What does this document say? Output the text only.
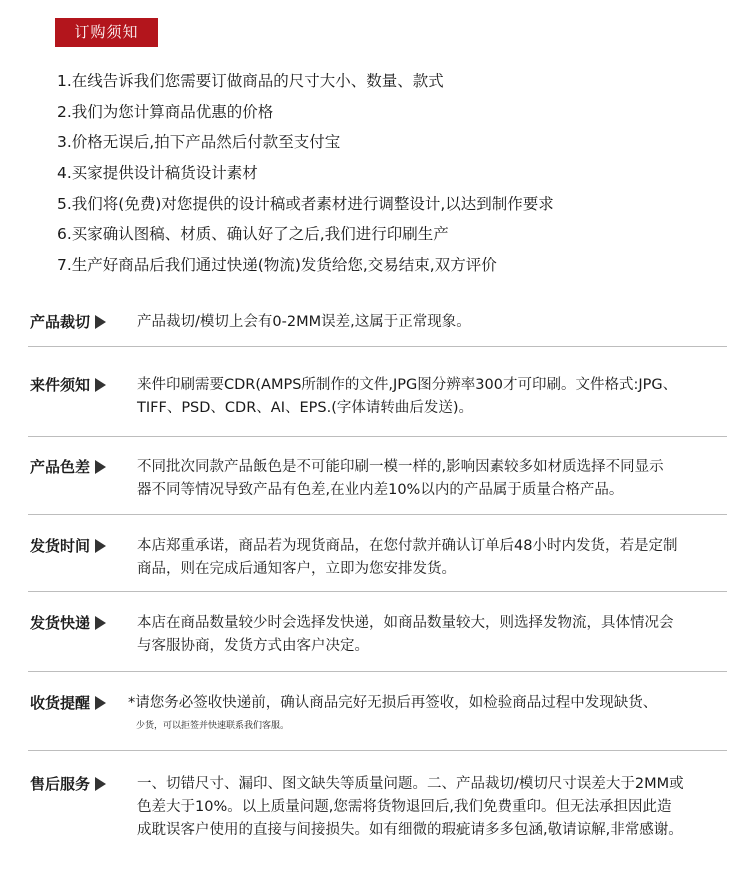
订购须知
1.在线告诉我们您需要订做商品的尺寸大小、数量、款式
2.我们为您计算商品优惠的价格
3.价格无误后,拍下产品然后付款至支付宝
4.买家提供设计稿货设计素材
5.我们将(免费)对您提供的设计稿或者素材进行调整设计,以达到制作要求
6.买家确认图稿、材质、确认好了之后,我们进行印刷生产
7.生产好商品后我们通过快递(物流)发货给您,交易结束,双方评价
产品裁切	产品裁切/模切上会有0-2MM误差,这属于正常现象。
来件须知	来件印刷需要CDR(AMPS所制作的文件,JPG图分辨率300才可印刷。文件格式:JPG、
TIFF、PSD、CDR、AI、EPS.(字体请转曲后发送)。
产品色差	不同批次同款产品飯色是不可能印刷一模一样的,影响因素较多如材质选择不同显示
器不同等情况导致产品有色差,在业内差10%以内的产品属于质量合格产品。
发货时间	本店郑重承诺，商品若为现货商品，在您付款并确认订单后48小时内发货，若是定制
商品，则在完成后通知客户，立即为您安排发货。
发货快递	本店在商品数量较少时会选择发快递，如商品数量较大，则选择发物流，具体情况会
与客服协商，发货方式由客户决定。
收货提醒	*请您务必签收快递前，确认商品完好无损后再签收，如检验商品过程中发现缺货、
少货，可以拒签并快速联系我们客服。
售后服务	一、切错尺寸、漏印、图文缺失等质量问题。二、产品裁切/模切尺寸误差大于2MM或
色差大于10%。以上质量问题,您需将货物退回后,我们免费重印。但无法承担因此造
成耽误客户使用的直接与间接损失。如有细微的瑕疵请多多包涵,敬请谅解,非常感谢。
